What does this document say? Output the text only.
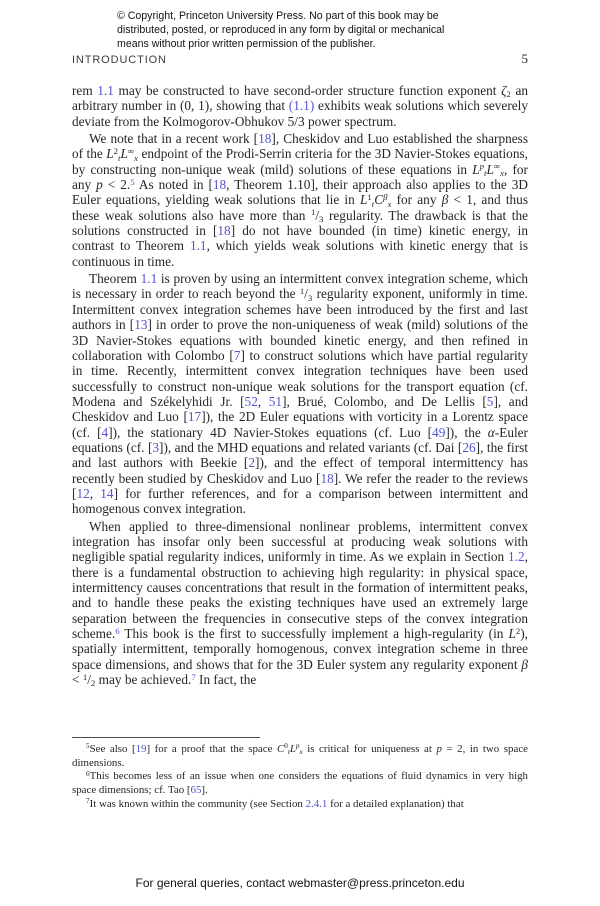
© Copyright, Princeton University Press. No part of this book may be
distributed, posted, or reproduced in any form by digital or mechanical
means without prior written permission of the publisher.
INTRODUCTION	5

rem 1.1 may be constructed to have second-order structure function exponent ζ2 an arbitrary number in (0, 1), showing that (1.1) exhibits weak solutions which severely deviate from the Kolmogorov-Obhukov 5/3 power spectrum.

We note that in a recent work [18], Cheskidov and Luo established the sharpness of the $L^2tL^\infty x$ endpoint of the Prodi-Serrin criteria for the 3D Navier-Stokes equations, by constructing non-unique weak (mild) solutions of these equations in $L^ptL^\infty x$, for any p < 2.$^5$ As noted in [18, Theorem 1.10], their approach also applies to the 3D Euler equations, yielding weak solutions that lie in $L^1tC^\beta x$ for any β < 1, and thus these weak solutions also have more than $^1$/3 regularity. The drawback is that the solutions constructed in [18] do not have bounded (in time) kinetic energy, in contrast to Theorem 1.1, which yields weak solutions with kinetic energy that is continuous in time.

Theorem 1.1 is proven by using an intermittent convex integration scheme, which is necessary in order to reach beyond the $^1$/3 regularity exponent, uniformly in time. Intermittent convex integration schemes have been introduced by the first and last authors in [13] in order to prove the non-uniqueness of weak (mild) solutions of the 3D Navier-Stokes equations with bounded kinetic energy, and then refined in collaboration with Colombo [7] to construct solutions which have partial regularity in time. Recently, intermittent convex integration techniques have been used successfully to construct non-unique weak solutions for the transport equation (cf. Modena and Székelyhidi Jr. [52, 51], Brué, Colombo, and De Lellis [5], and Cheskidov and Luo [17]), the 2D Euler equations with vorticity in a Lorentz space (cf. [4]), the stationary 4D Navier-Stokes equations (cf. Luo [49]), the α-Euler equations (cf. [3]), and the MHD equations and related variants (cf. Dai [26], the first and last authors with Beekie [2]), and the effect of temporal intermittency has recently been studied by Cheskidov and Luo [18]. We refer the reader to the reviews [12, 14] for further references, and for a comparison between intermittent and homogenous convex integration.

When applied to three-dimensional nonlinear problems, intermittent convex integration has insofar only been successful at producing weak solutions with negligible spatial regularity indices, uniformly in time. As we explain in Section 1.2, there is a fundamental obstruction to achieving high regularity: in physical space, intermittency causes concentrations that result in the formation of intermittent peaks, and to handle these peaks the existing techniques have used an extremely large separation between the frequencies in consecutive steps of the convex integration scheme.$^6$ This book is the first to successfully implement a high-regularity (in $L^2$), spatially intermittent, temporally homogenous, convex integration scheme in three space dimensions, and shows that for the 3D Euler system any regularity exponent β < $^1$/2 may be achieved.$^7$ In fact, the

$^5$See also [19] for a proof that the space $C^0tL^px$ is critical for uniqueness at p = 2, in two space dimensions.

$^6$This becomes less of an issue when one considers the equations of fluid dynamics in very high space dimensions; cf. Tao [65].

$^7$It was known within the community (see Section 2.4.1 for a detailed explanation) that

For general queries, contact webmaster@press.princeton.edu
